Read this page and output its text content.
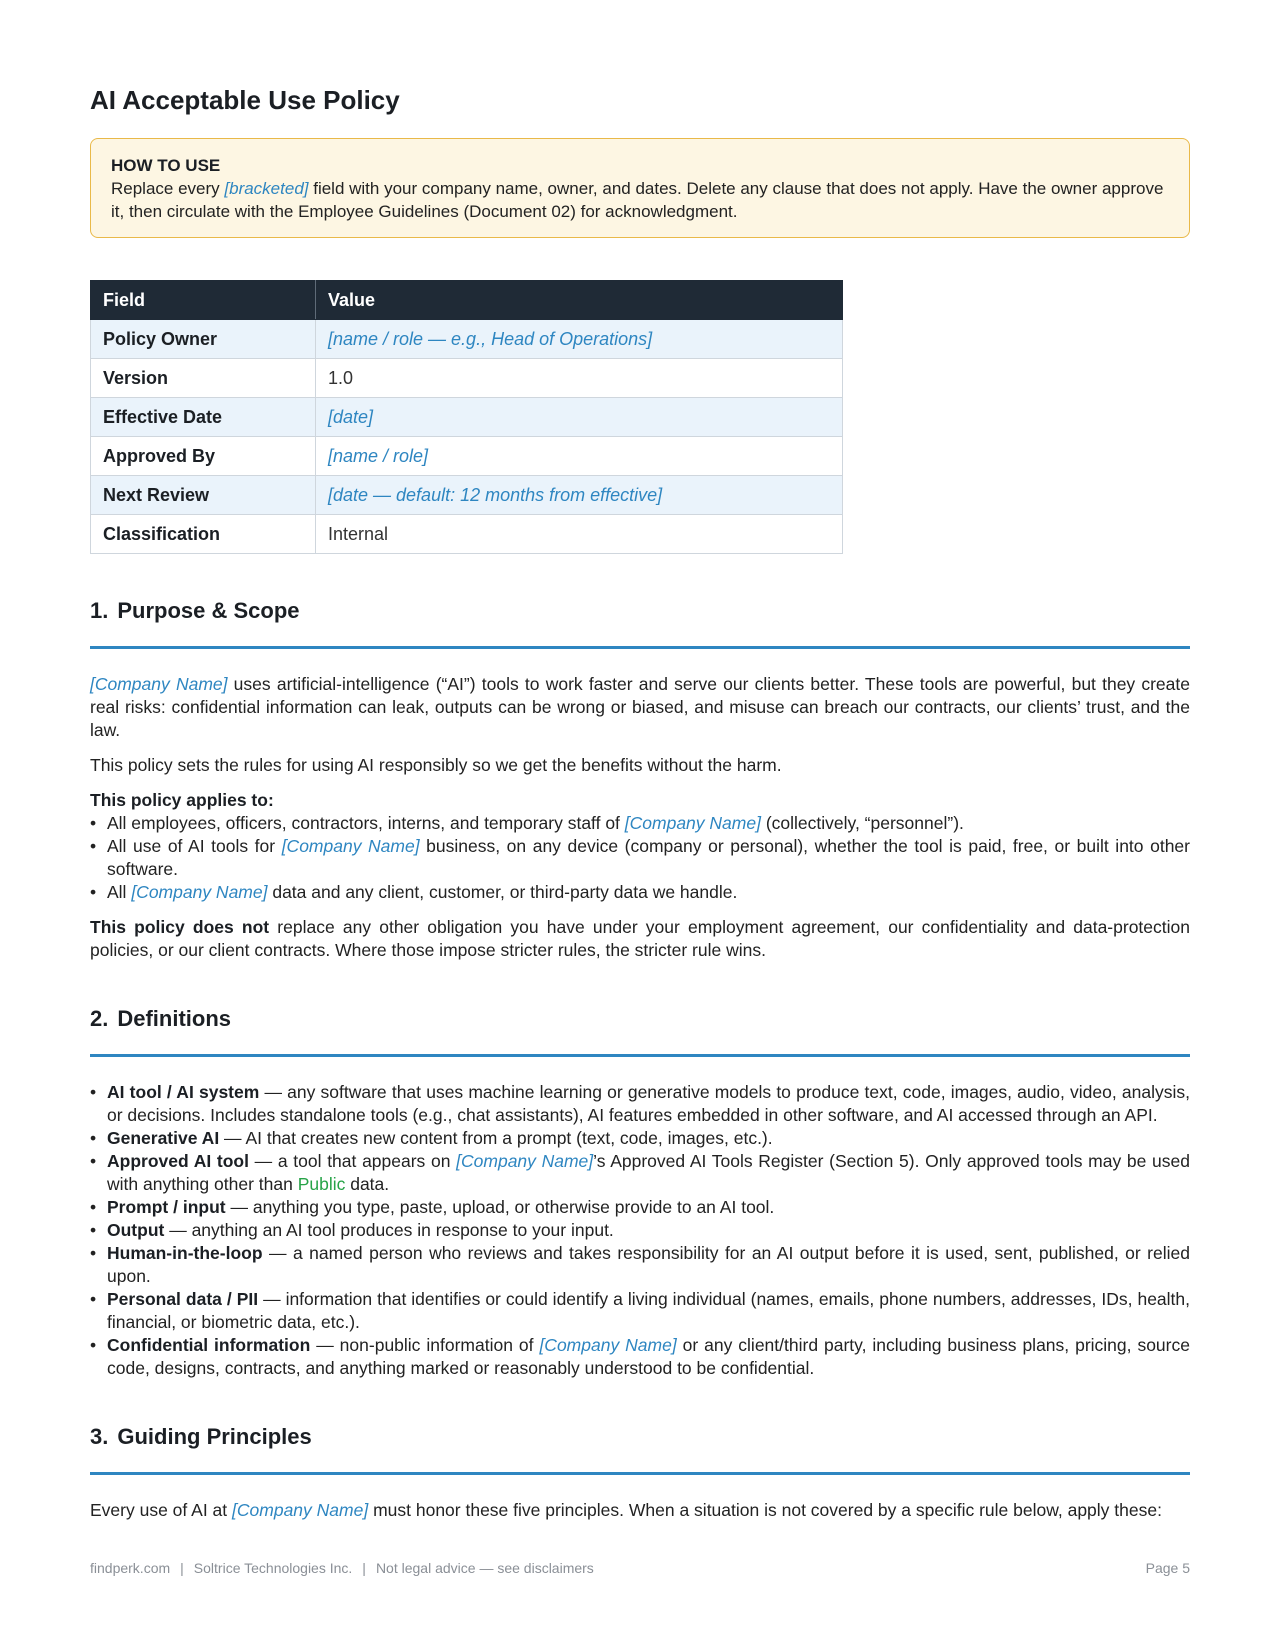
AI Acceptable Use Policy
HOW TO USE
Replace every [bracketed] field with your company name, owner, and dates. Delete any clause that does not apply. Have the owner approve it, then circulate with the Employee Guidelines (Document 02) for acknowledgment.
Field	Value
Policy Owner	[name / role — e.g., Head of Operations]
Version	1.0
Effective Date	[date]
Approved By	[name / role]
Next Review	[date — default: 12 months from effective]
Classification	Internal
1. Purpose & Scope

[Company Name] uses artificial-intelligence (“AI”) tools to work faster and serve our clients better. These tools are powerful, but they create real risks: confidential information can leak, outputs can be wrong or biased, and misuse can breach our contracts, our clients’ trust, and the law.

This policy sets the rules for using AI responsibly so we get the benefits without the harm.

This policy applies to:

• All employees, officers, contractors, interns, and temporary staff of [Company Name] (collectively, “personnel”).
• All use of AI tools for [Company Name] business, on any device (company or personal), whether the tool is paid, free, or built into other software.
• All [Company Name] data and any client, customer, or third-party data we handle.

This policy does not replace any other obligation you have under your employment agreement, our confidentiality and data-protection policies, or our client contracts. Where those impose stricter rules, the stricter rule wins.

2. Definitions
• AI tool / AI system — any software that uses machine learning or generative models to produce text, code, images, audio, video, analysis, or decisions. Includes standalone tools (e.g., chat assistants), AI features embedded in other software, and AI accessed through an API.
• Generative AI — AI that creates new content from a prompt (text, code, images, etc.).
• Approved AI tool — a tool that appears on [Company Name]’s Approved AI Tools Register (Section 5). Only approved tools may be used with anything other than Public data.
• Prompt / input — anything you type, paste, upload, or otherwise provide to an AI tool.
• Output — anything an AI tool produces in response to your input.
• Human-in-the-loop — a named person who reviews and takes responsibility for an AI output before it is used, sent, published, or relied upon.
• Personal data / PII — information that identifies or could identify a living individual (names, emails, phone numbers, addresses, IDs, health, financial, or biometric data, etc.).
• Confidential information — non-public information of [Company Name] or any client/third party, including business plans, pricing, source code, designs, contracts, and anything marked or reasonably understood to be confidential.
3. Guiding Principles

Every use of AI at [Company Name] must honor these five principles. When a situation is not covered by a specific rule below, apply these:

findperk.com | Soltrice Technologies Inc. | Not legal advice — see disclaimers	Page 5
